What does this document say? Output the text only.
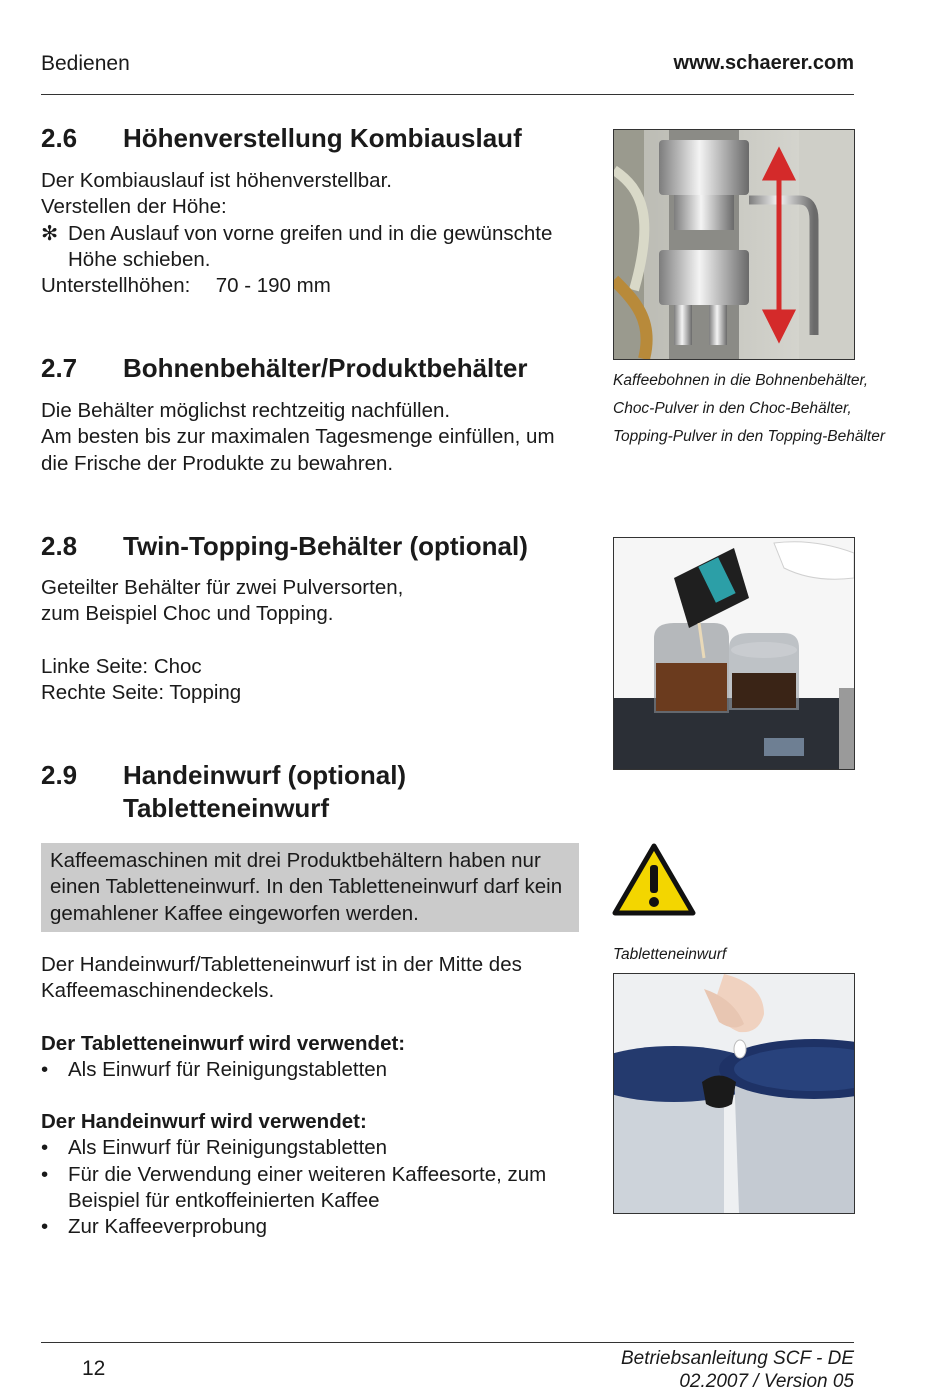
Bedienen	www.schaerer.com
2.6 Höhenverstellung Kombiauslauf

Der Kombiauslauf ist höhenverstellbar.

Verstellen der Höhe:

✻ Den Auslauf von vorne greifen und in die gewünschte Höhe schieben.

Unterstellhöhen: 70 - 190 mm

2.7 Bohnenbehälter/Produktbehälter

Die Behälter möglichst rechtzeitig nachfüllen.

Am besten bis zur maximalen Tagesmenge einfüllen, um die Frische der Produkte zu bewahren.

2.8 Twin-Topping-Behälter (optional)

Geteilter Behälter für zwei Pulversorten,

zum Beispiel Choc und Topping.

Linke Seite: Choc

Rechte Seite: Topping

2.9 Handeinwurf (optional)
Tabletteneinwurf
Kaffeemaschinen mit drei Produktbehältern haben nur einen Tabletteneinwurf. In den Tabletteneinwurf darf kein gemahlener Kaffee eingeworfen werden.

Der Handeinwurf/Tabletteneinwurf ist in der Mitte des Kaffeemaschinendeckels.

Der Tabletteneinwurf wird verwendet:

• Als Einwurf für Reinigungstabletten

Der Handeinwurf wird verwendet:

• Als Einwurf für Reinigungstabletten
• Für die Verwendung einer weiteren Kaffeesorte, zum Beispiel für entkoffeinierten Kaffee
• Zur Kaffeeverprobung

Kaffeebohnen in die Bohnenbehälter,

Choc-Pulver in den Choc-Behälter,

Topping-Pulver in den Topping-Behälter

Tabletteneinwurf
12	Betriebsanleitung SCF - DE
02.2007 / Version 05
